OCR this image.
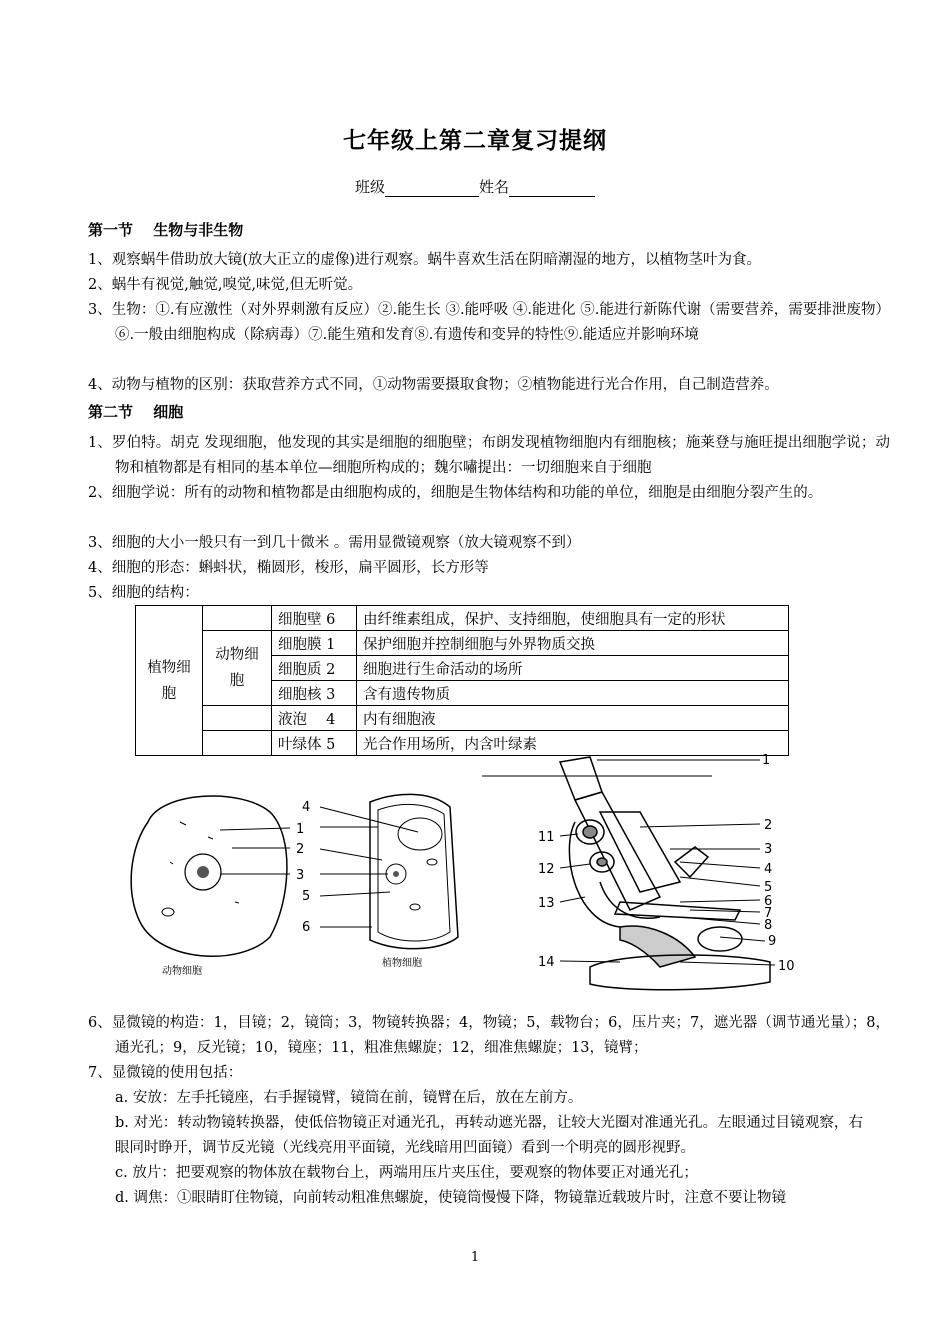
七年级上第二章复习提纲
班级	姓名
第一节　 生物与非生物
1、观察蜗牛借助放大镜(放大正立的虚像)进行观察。蜗牛喜欢生活在阴暗潮湿的地方，以植物茎叶为食。
2、蜗牛有视觉,触觉,嗅觉,味觉,但无听觉。
3、生物：①.有应激性（对外界刺激有反应）②.能生长 ③.能呼吸 ④.能进化 ⑤.能进行新陈代谢（需要营养，需要排泄废物）⑥.一般由细胞构成（除病毒）⑦.能生殖和发育⑧.有遗传和变异的特性⑨.能适应并影响环境
4、动物与植物的区别：获取营养方式不同，①动物需要摄取食物；②植物能进行光合作用，自己制造营养。
第二节　 细胞
1、罗伯特。胡克 发现细胞，他发现的其实是细胞的细胞壁；布朗发现植物细胞内有细胞核；施莱登与施旺提出细胞学说；动物和植物都是有相同的基本单位—细胞所构成的；魏尔嘯提出：一切细胞来自于细胞
2、细胞学说：所有的动物和植物都是由细胞构成的，细胞是生物体结构和功能的单位，细胞是由细胞分裂产生的。
3、细胞的大小一般只有一到几十微米 。需用显微镜观察（放大镜观察不到）
4、细胞的形态：蝌蚪状，椭圆形，梭形，扁平圆形，长方形等
5、细胞的结构：
植物细胞		细胞壁 6	由纤维素组成，保护、支持细胞，使细胞具有一定的形状
	动物细胞	细胞膜 1	保护细胞并控制细胞与外界物质交换
		细胞质 2	细胞进行生命活动的场所
		细胞核 3	含有遗传物质
		液泡　 4	内有细胞液
		叶绿体 5	光合作用场所，内含叶绿素
1
2
3
动物细胞
4
5
6
植物细胞
1
2
3
4
5
6
7
8
9
10
11
12
13
14
6、显微镜的构造：1，目镜；2，镜筒；3，物镜转换器；4，物镜；5，载物台；6，压片夹；7，遮光器（调节通光量）；8，通光孔；9，反光镜；10，镜座；11，粗准焦螺旋；12，细准焦螺旋；13，镜臂；
7、显微镜的使用包括：
a. 安放：左手托镜座，右手握镜臂，镜筒在前，镜臂在后，放在左前方。
b. 对光：转动物镜转换器，使低倍物镜正对通光孔，再转动遮光器，让较大光圈对准通光孔。左眼通过目镜观察，右眼同时睁开，调节反光镜（光线亮用平面镜，光线暗用凹面镜）看到一个明亮的圆形视野。
c. 放片：把要观察的物体放在载物台上，两端用压片夹压住，要观察的物体要正对通光孔；
d. 调焦：①眼睛盯住物镜，向前转动粗准焦螺旋，使镜筒慢慢下降，物镜靠近载玻片时，注意不要让物镜
1
